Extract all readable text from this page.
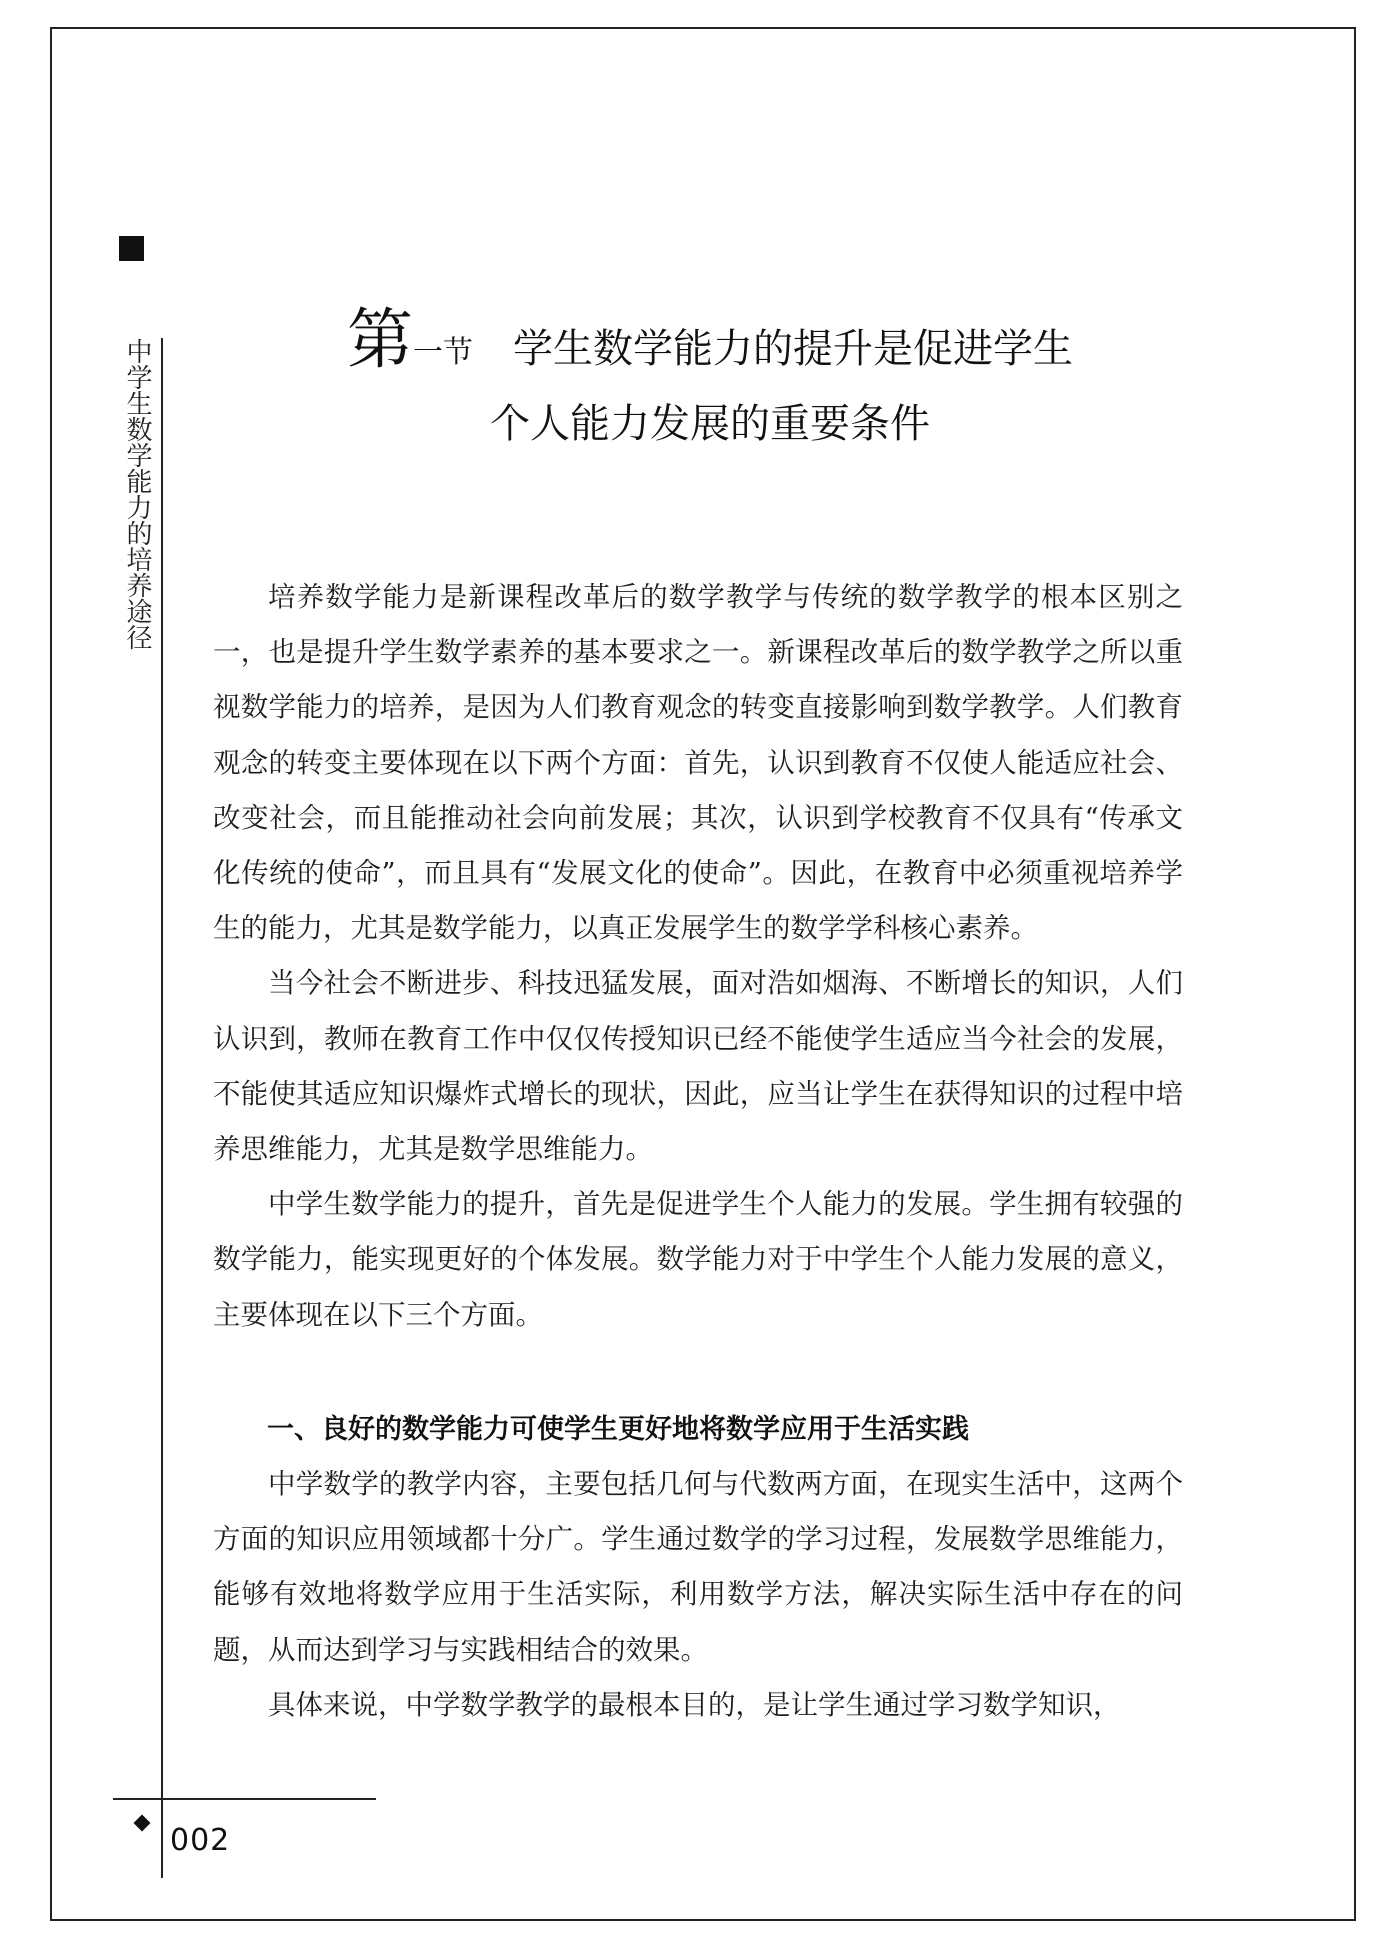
中学生数学能力的培养途径	第一节 学生数学能力的提升是促进学生
个人能力发展的重要条件

培养数学能力是新课程改革后的数学教学与传统的数学教学的根本区别之一，也是提升学生数学素养的基本要求之一。新课程改革后的数学教学之所以重视数学能力的培养，是因为人们教育观念的转变直接影响到数学教学。人们教育观念的转变主要体现在以下两个方面：首先，认识到教育不仅使人能适应社会、改变社会，而且能推动社会向前发展；其次，认识到学校教育不仅具有“传承文化传统的使命”，而且具有“发展文化的使命”。因此，在教育中必须重视培养学生的能力，尤其是数学能力，以真正发展学生的数学学科核心素养。

当今社会不断进步、科技迅猛发展，面对浩如烟海、不断增长的知识，人们认识到，教师在教育工作中仅仅传授知识已经不能使学生适应当今社会的发展，不能使其适应知识爆炸式增长的现状，因此，应当让学生在获得知识的过程中培养思维能力，尤其是数学思维能力。

中学生数学能力的提升，首先是促进学生个人能力的发展。学生拥有较强的数学能力，能实现更好的个体发展。数学能力对于中学生个人能力发展的意义，主要体现在以下三个方面。

一、良好的数学能力可使学生更好地将数学应用于生活实践

中学数学的教学内容，主要包括几何与代数两方面，在现实生活中，这两个方面的知识应用领域都十分广。学生通过数学的学习过程，发展数学思维能力，能够有效地将数学应用于生活实际，利用数学方法，解决实际生活中存在的问题，从而达到学习与实践相结合的效果。

具体来说，中学数学教学的最根本目的，是让学生通过学习数学知识，

002
